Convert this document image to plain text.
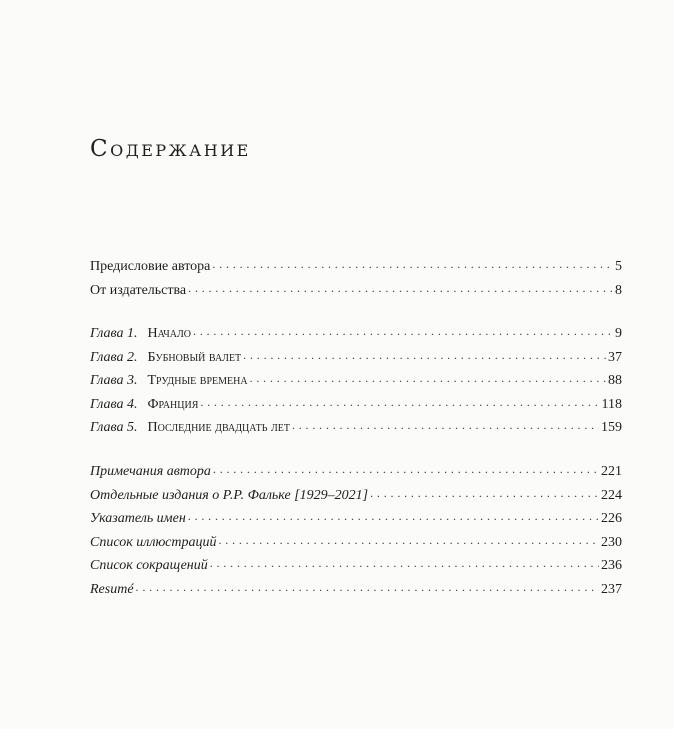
Содержание
Предисловие автора . . .	5
От издательства . . .	8
Глава 1. Начало . . .	9
Глава 2. Бубновый валет . . .	37
Глава 3. Трудные времена . . .	88
Глава 4. Франция . . .	118
Глава 5. Последние двадцать лет . . .	159
Примечания автора . . .	221
Отдельные издания о Р.Р. Фальке [1929–2021] . . .	224
Указатель имен . . .	226
Список иллюстраций . . .	230
Список сокращений . . .	236
Resumé . . .	237
